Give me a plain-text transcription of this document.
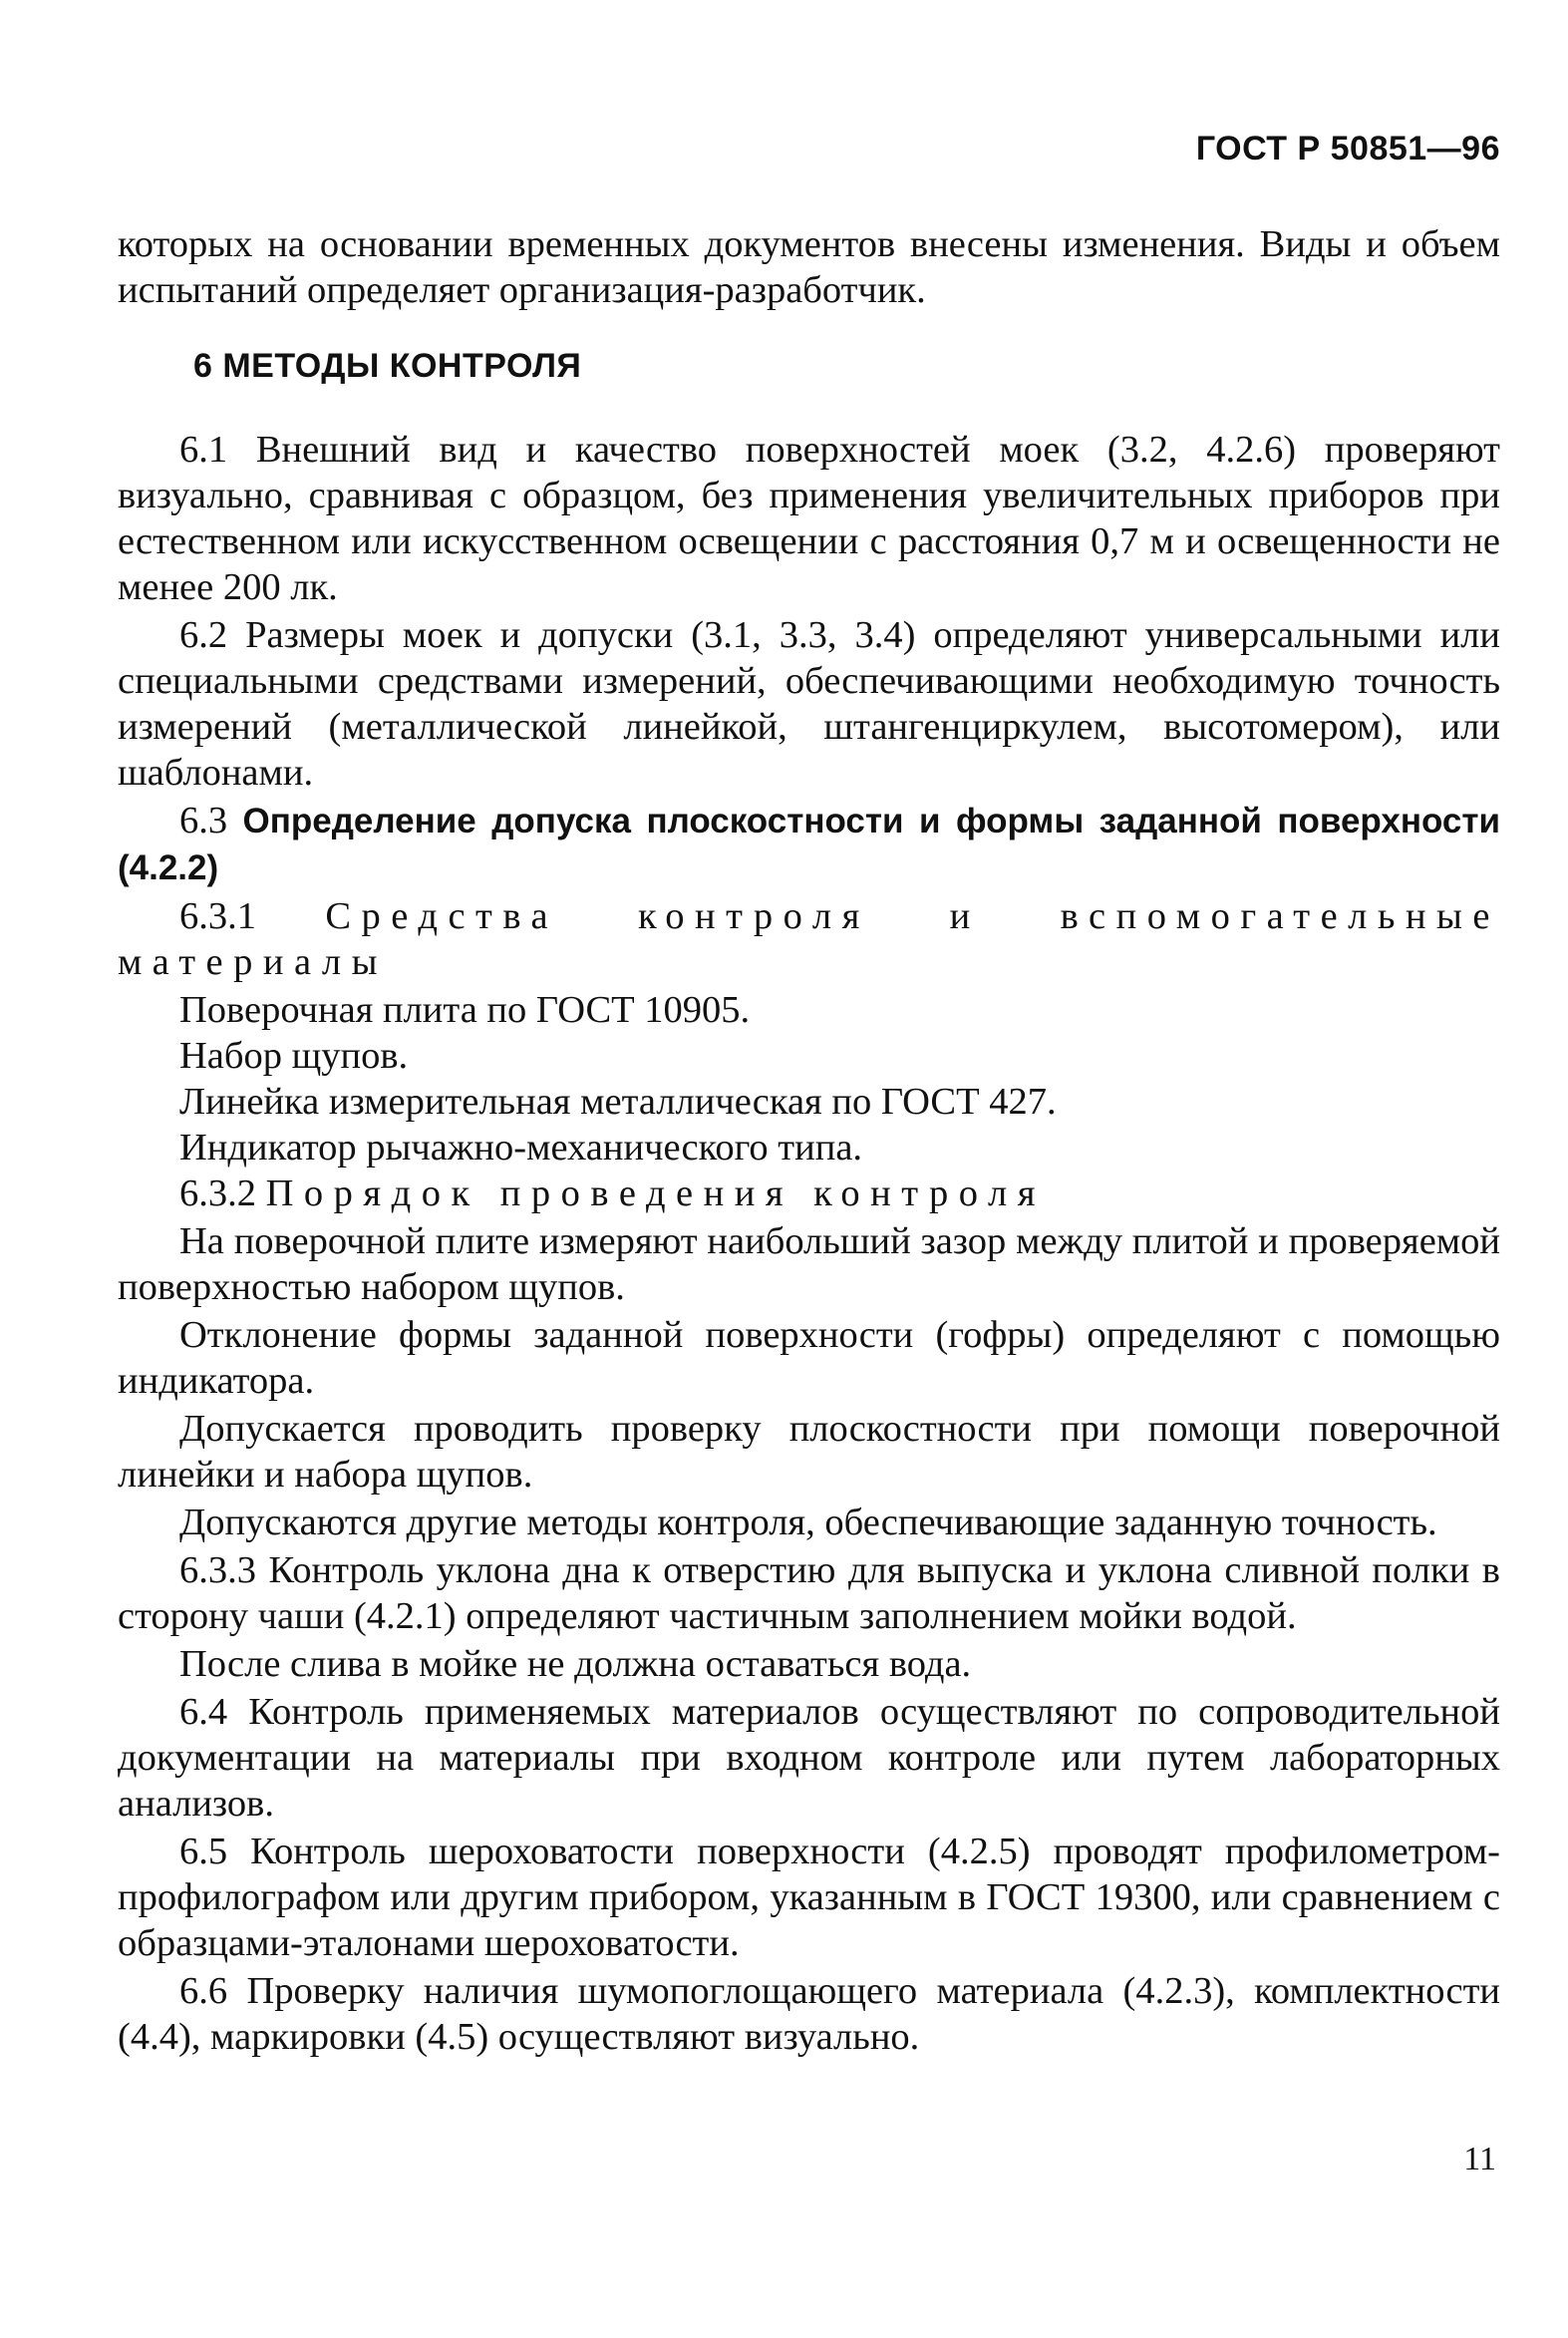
ГОСТ Р 50851—96

которых на основании временных документов внесены изменения. Виды и объем испытаний определяет организация-разработчик.

6 МЕТОДЫ КОНТРОЛЯ

6.1 Внешний вид и качество поверхностей моек (3.2, 4.2.6) проверяют визуально, сравнивая с образцом, без применения увеличительных приборов при естественном или искусственном освещении с расстояния 0,7 м и освещенности не менее 200 лк.

6.2 Размеры моек и допуски (3.1, 3.3, 3.4) определяют универсальными или специальными средствами измерений, обеспечивающими необходимую точность измерений (металлической линейкой, штангенциркулем, высотомером), или шаблонами.

6.3 Определение допуска плоскостности и формы заданной поверхности (4.2.2)

6.3.1 Средства контроля и вспомогательные материалы

Поверочная плита по ГОСТ 10905.

Набор щупов.

Линейка измерительная металлическая по ГОСТ 427.

Индикатор рычажно-механического типа.

6.3.2 Порядок проведения контроля

На поверочной плите измеряют наибольший зазор между плитой и проверяемой поверхностью набором щупов.

Отклонение формы заданной поверхности (гофры) определяют с помощью индикатора.

Допускается проводить проверку плоскостности при помощи поверочной линейки и набора щупов.

Допускаются другие методы контроля, обеспечивающие заданную точность.

6.3.3 Контроль уклона дна к отверстию для выпуска и уклона сливной полки в сторону чаши (4.2.1) определяют частичным заполнением мойки водой.

После слива в мойке не должна оставаться вода.

6.4 Контроль применяемых материалов осуществляют по сопроводительной документации на материалы при входном контроле или путем лабораторных анализов.

6.5 Контроль шероховатости поверхности (4.2.5) проводят профилометром-профилографом или другим прибором, указанным в ГОСТ 19300, или сравнением с образцами-эталонами шероховатости.

6.6 Проверку наличия шумопоглощающего материала (4.2.3), комплектности (4.4), маркировки (4.5) осуществляют визуально.

11
